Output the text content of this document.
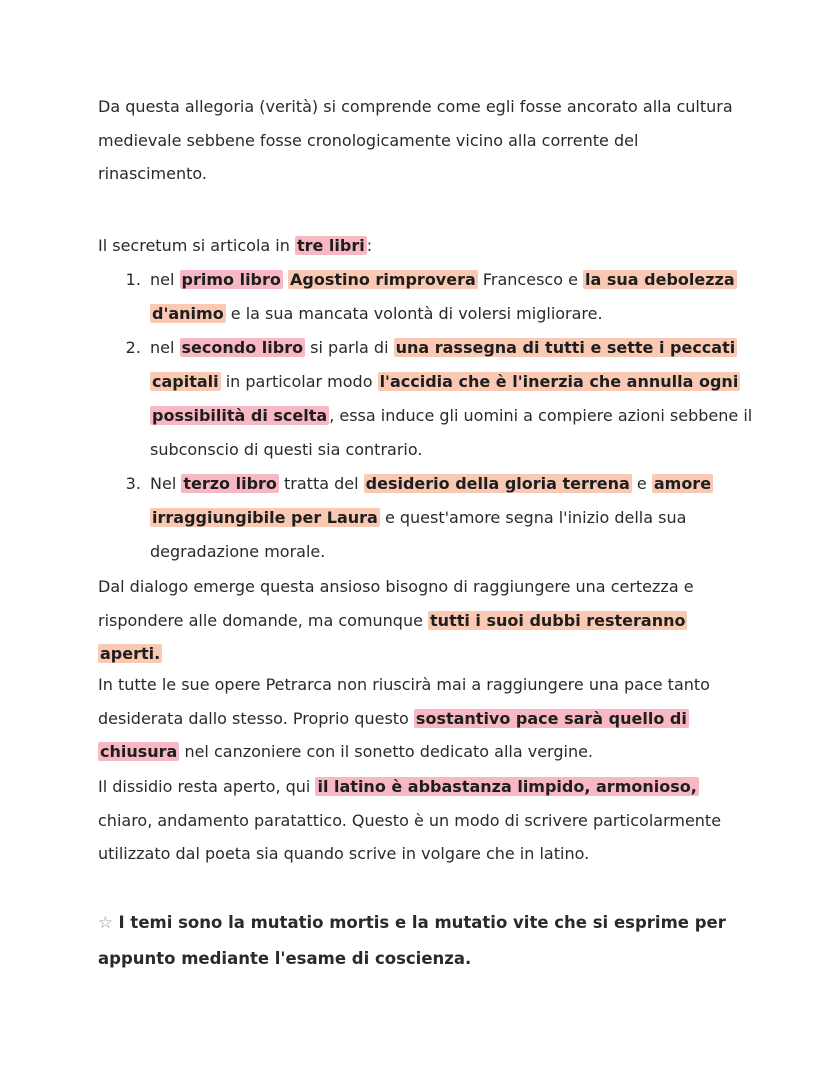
Da questa allegoria (verità) si comprende come egli fosse ancorato alla cultura medievale sebbene fosse cronologicamente vicino alla corrente del rinascimento.

Il secretum si articola in tre libri :

1. nel primo libro Agostino rimprovera Francesco e la sua debolezza d'animo e la sua mancata volontà di volersi migliorare.
2. nel secondo libro si parla di una rassegna di tutti e sette i peccati capitali in particolar modo l'accidia che è l'inerzia che annulla ogni possibilità di scelta , essa induce gli uomini a compiere azioni sebbene il subconscio di questi sia contrario.
3. Nel terzo libro tratta del desiderio della gloria terrena e amore irraggiungibile per Laura e quest'amore segna l'inizio della sua degradazione morale.

Dal dialogo emerge questa ansioso bisogno di raggiungere una certezza e rispondere alle domande, ma comunque tutti i suoi dubbi resteranno aperti.

In tutte le sue opere Petrarca non riuscirà mai a raggiungere una pace tanto desiderata dallo stesso. Proprio questo sostantivo pace sarà quello di chiusura nel canzoniere con il sonetto dedicato alla vergine.

Il dissidio resta aperto, qui il latino è abbastanza limpido, armonioso, chiaro, andamento paratattico. Questo è un modo di scrivere particolarmente utilizzato dal poeta sia quando scrive in volgare che in latino.

☆ I temi sono la mutatio mortis e la mutatio vite che si esprime per appunto mediante l'esame di coscienza.
